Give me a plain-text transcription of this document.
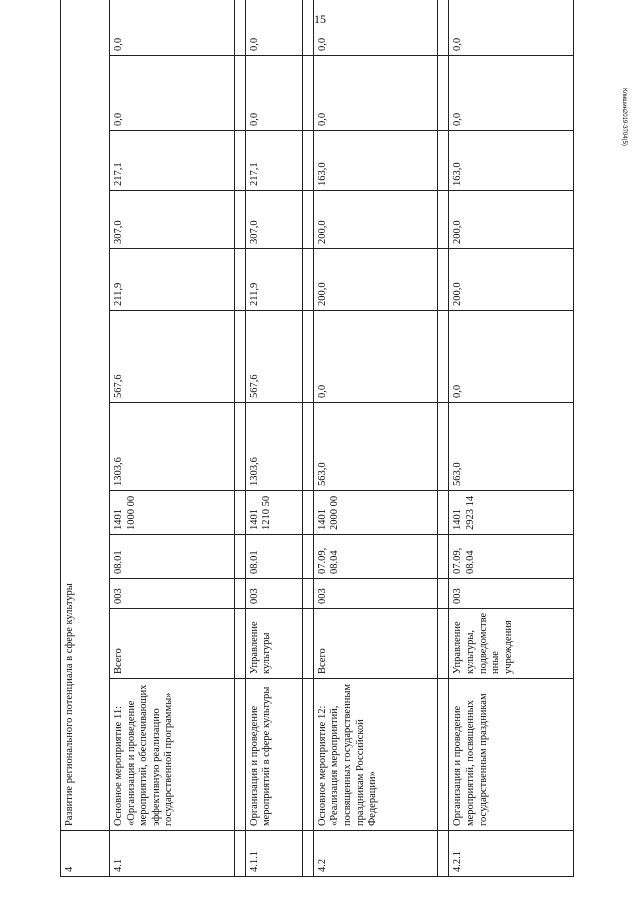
15
Клишин2019-3704(5)
4	Развитие регионального потенциала в сфере культуры											
4.1	Основное мероприятие 11: «Организация и проведение мероприятий, обеспечивающих эффективную реализацию государственной программы»	Всего	003	08.01	1401 1000 00	1303,6	567,6	211,9	307,0	217,1	0,0	0,0

4.1.1	Организация и проведение мероприятий в сфере культуры	Управление культуры	003	08.01	1401 1210 50	1303,6	567,6	211,9	307,0	217,1	0,0	0,0

4.2	Основное мероприятие 12: «Реализация мероприятий, посвященных государственным праздникам Российской Федерации»	Всего	003	07.09, 08.04	1401 2000 00	563,0	0,0	200,0	200,0	163,0	0,0	0,0

4.2.1	Организация и проведение мероприятий, посвященных государственным праздникам	Управление культуры, подведомстве нные учреждения	003	07.09, 08.04	1401 2923 14	563,0	0,0	200,0	200,0	163,0	0,0	0,0
